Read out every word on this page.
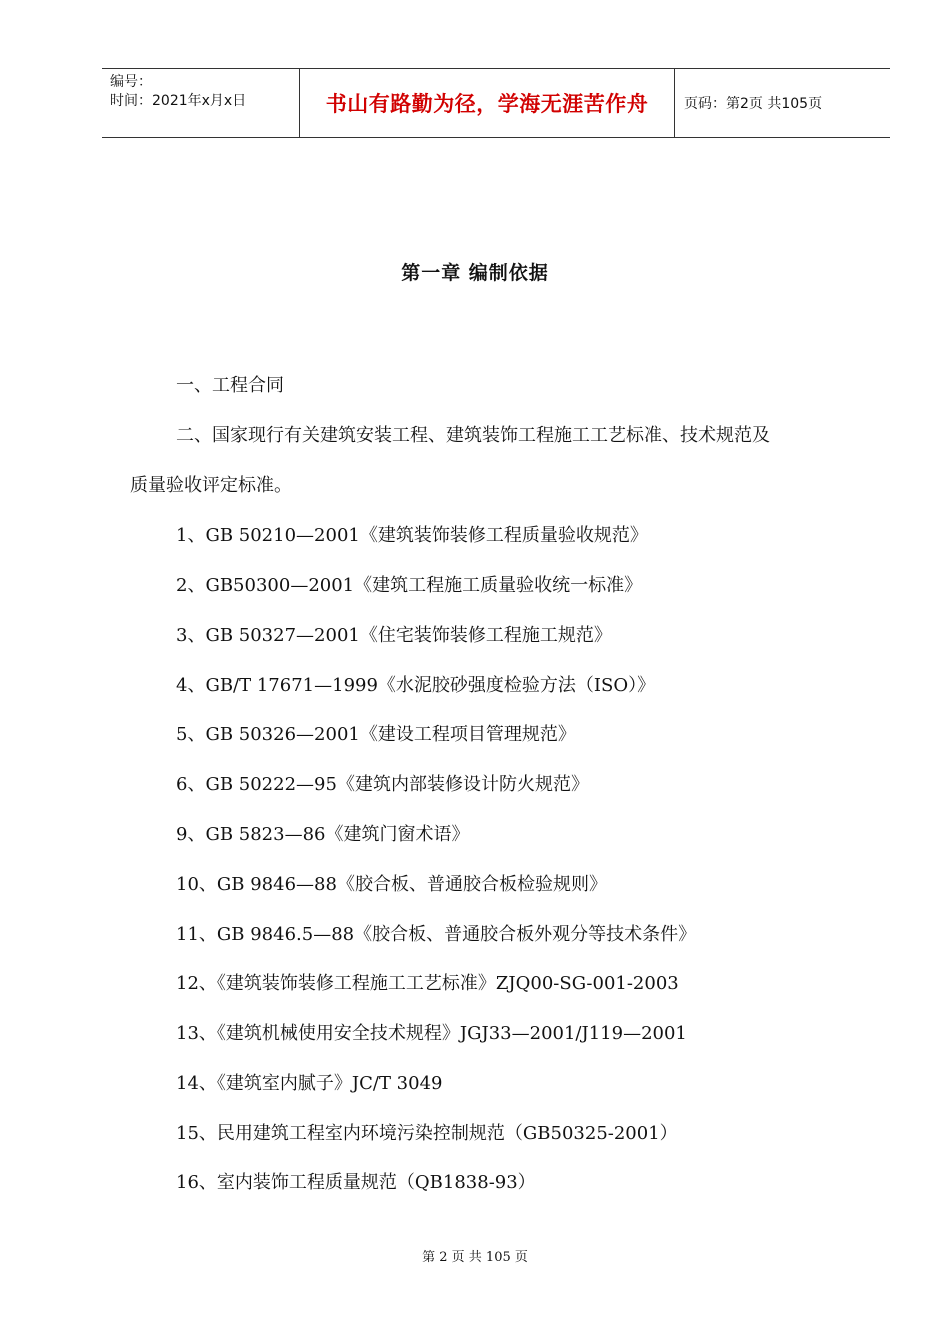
编号：
时间：2021年x月x日	书山有路勤为径，学海无涯苦作舟	页码：第2页 共105页
第一章 编制依据
一、工程合同
二、国家现行有关建筑安装工程、建筑装饰工程施工工艺标准、技术规范及
质量验收评定标准。
1、GB 50210—2001《建筑装饰装修工程质量验收规范》
2、GB50300—2001《建筑工程施工质量验收统一标准》
3、GB 50327—2001《住宅装饰装修工程施工规范》
4、GB/T 17671—1999《水泥胶砂强度检验方法（ISO）》
5、GB 50326—2001《建设工程项目管理规范》
6、GB 50222—95《建筑内部装修设计防火规范》
9、GB 5823—86《建筑门窗术语》
10、GB 9846—88《胶合板、普通胶合板检验规则》
11、GB 9846.5—88《胶合板、普通胶合板外观分等技术条件》
12、《建筑装饰装修工程施工工艺标准》ZJQ00-SG-001-2003
13、《建筑机械使用安全技术规程》JGJ33—2001/J119—2001
14、《建筑室内腻子》JC/T 3049
15、民用建筑工程室内环境污染控制规范（GB50325-2001）
16、室内装饰工程质量规范（QB1838-93）
第 2 页 共 105 页
